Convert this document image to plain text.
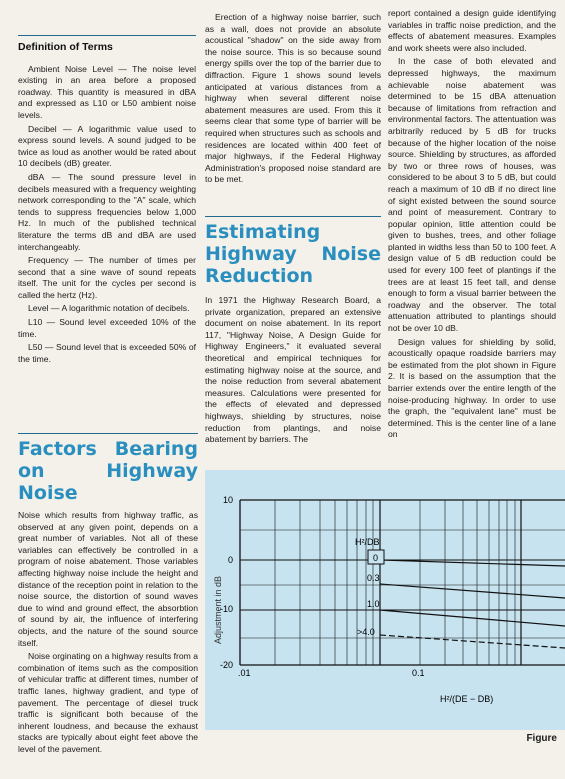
Definition of Terms

Ambient Noise Level — The noise level existing in an area before a proposed roadway. This quantity is measured in dBA and expressed as L10 or L50 ambient noise levels.

Decibel — A logarithmic value used to express sound levels. A sound judged to be twice as loud as another would be rated about 10 decibels (dB) greater.

dBA — The sound pressure level in decibels measured with a frequency weighting network corresponding to the "A" scale, which tends to suppress frequencies below 1,000 Hz. In much of the published technical literature the terms dB and dBA are used interchangeably.

Frequency — The number of times per second that a sine wave of sound repeats itself. The unit for the cycles per second is called the hertz (Hz).

Level — A logarithmic notation of decibels.

L10 — Sound level exceeded 10% of the time.

L50 — Sound level that is exceeded 50% of the time.

Factors Bearing on Highway Noise

Noise which results from highway traffic, as observed at any given point, depends on a great number of variables. Not all of these variables can effectively be controlled in a program of noise abatement. Those variables affecting highway noise include the height and distance of the reception point in relation to the noise source, the distortion of sound waves due to wind and ground effect, the absorbtion of sound by air, the influence of interfering objects, and the nature of the sound source itself.

Noise orginating on a highway results from a combination of items such as the composition of vehicular traffic at different times, number of traffic lanes, highway gradient, and type of pavement. The percentage of diesel truck traffic is significant both because of the inherent loudness, and because the exhaust stacks are typically about eight feet above the level of the pavement.

Erection of a highway noise barrier, such as a wall, does not provide an absolute acoustical "shadow" on the side away from the noise source. This is so because sound energy spills over the top of the barrier due to diffraction. Figure 1 shows sound levels anticipated at various distances from a highway when several different noise abatement measures are used. From this it seems clear that some type of barrier will be required when structures such as schools and residences are located within 400 feet of major highways, if the Federal Highway Administration's proposed noise standard are to be met.

Estimating Highway Noise Reduction

In 1971 the Highway Research Board, a private organization, prepared an extensive document on noise abatement. In its report 117, "Highway Noise, A Design Guide for Highway Engineers," it evaluated several theoretical and empirical techniques for estimating highway noise at the source, and the noise reduction from several abatement measures. Calculations were presented for the effects of elevated and depressed highways, shielding by structures, noise reduction from plantings, and noise abatement by barriers. The

report contained a design guide identifying variables in traffic noise prediction, and the effects of abatement measures. Examples and work sheets were also included.

In the case of both elevated and depressed highways, the maximum achievable noise abatement was determined to be 15 dBA attenuation because of limitations from refraction and environmental factors. The attentuation was arbitrarily reduced by 5 dB for trucks because of the higher location of the noise source. Shielding by structures, as afforded by two or three rows of houses, was considered to be about 3 to 5 dB, but could reach a maximum of 10 dB if no direct line of sight existed between the sound source and point of measurement. Contrary to popular opinion, little attention could be given to bushes, trees, and other foliage planted in widths less than 50 to 100 feet. A design value of 5 dB reduction could be used for every 100 feet of plantings if the trees are at least 15 feet tall, and dense enough to form a visual barrier between the roadway and the observer. The total attenuation attributed to plantings should not be over 10 dB.

Design values for shielding by solid, acoustically opaque roadside barriers may be estimated from the plot shown in Figure 2. It is based on the assumption that the barrier extends over the entire length of the noise-producing highway. In order to use the graph, the "equivalent lane" must be determined. This is the center line of a lane on

Adjustment in dB
10
0
-10
-20
H²/DB
0
0.3
1.0
>4.0
.01	0.1
H²/(DE − DB)
Figure
